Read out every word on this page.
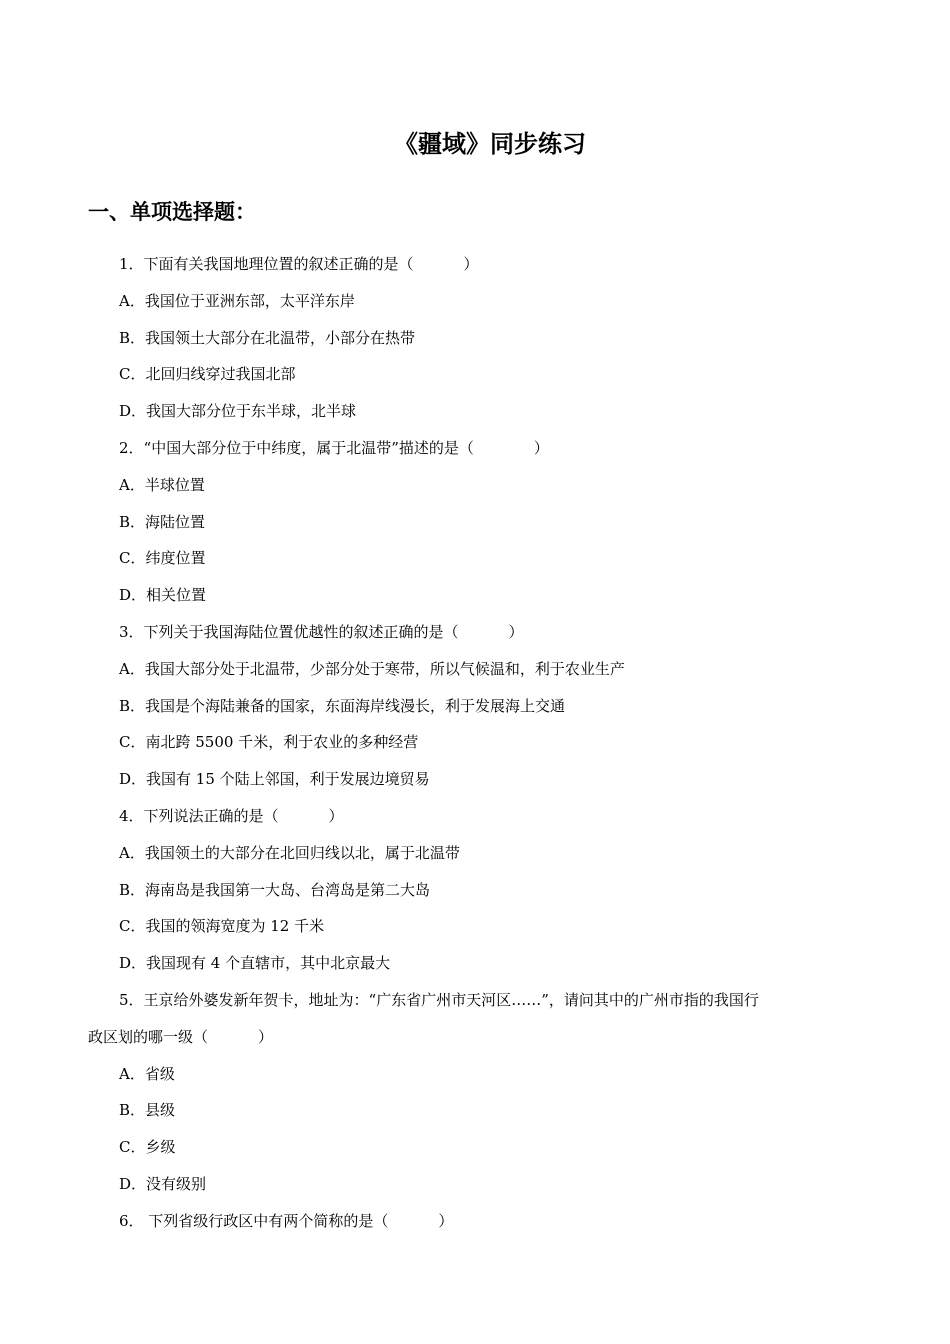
《疆域》同步练习
一、单项选择题：
1．下面有关我国地理位置的叙述正确的是（	）
A．我国位于亚洲东部，太平洋东岸
B．我国领土大部分在北温带，小部分在热带
C．北回归线穿过我国北部
D．我国大部分位于东半球，北半球
2．“中国大部分位于中纬度，属于北温带”描述的是（	）
A．半球位置
B．海陆位置
C．纬度位置
D．相关位置
3．下列关于我国海陆位置优越性的叙述正确的是（	）
A．我国大部分处于北温带，少部分处于寒带，所以气候温和，利于农业生产
B．我国是个海陆兼备的国家，东面海岸线漫长，利于发展海上交通
C．南北跨 5500 千米，利于农业的多种经营
D．我国有 15 个陆上邻国，利于发展边境贸易
4．下列说法正确的是（	）
A．我国领土的大部分在北回归线以北，属于北温带
B．海南岛是我国第一大岛、台湾岛是第二大岛
C．我国的领海宽度为 12 千米
D．我国现有 4 个直辖市，其中北京最大
5．王京给外婆发新年贺卡，地址为：“广东省广州市天河区……”，请问其中的广州市指的我国行
政区划的哪一级（	）
A．省级
B．县级
C．乡级
D．没有级别
6． 下列省级行政区中有两个简称的是（	）
